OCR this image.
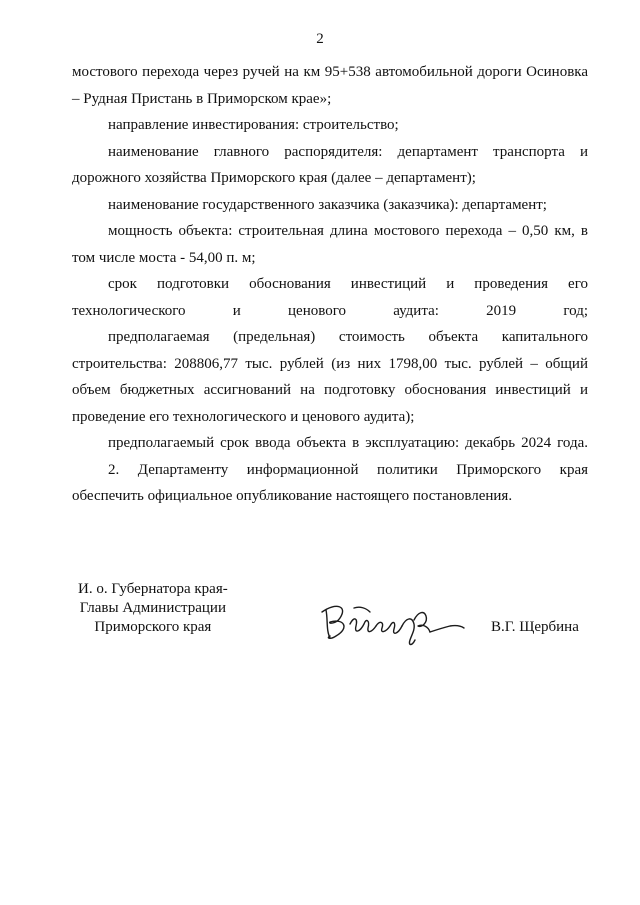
2

мостового перехода через ручей на км 95+538 автомобильной дороги Осиновка – Рудная Пристань в Приморском крае»;

направление инвестирования: строительство;

наименование главного распорядителя: департамент транспорта и дорожного хозяйства Приморского края (далее – департамент);

наименование государственного заказчика (заказчика): департамент;

мощность объекта: строительная длина мостового перехода – 0,50 км, в том числе моста - 54,00 п. м;

срок подготовки обоснования инвестиций и проведения его технологического и ценового аудита: 2019 год;

предполагаемая (предельная) стоимость объекта капитального строительства: 208806,77 тыс. рублей (из них 1798,00 тыс. рублей – общий объем бюджетных ассигнований на подготовку обоснования инвестиций и проведение его технологического и ценового аудита);

предполагаемый срок ввода объекта в эксплуатацию: декабрь 2024 года.

2. Департаменту информационной политики Приморского края обеспечить официальное опубликование настоящего постановления.

И. о. Губернатора края-
Главы Администрации
Приморского края	В.Г. Щербина
